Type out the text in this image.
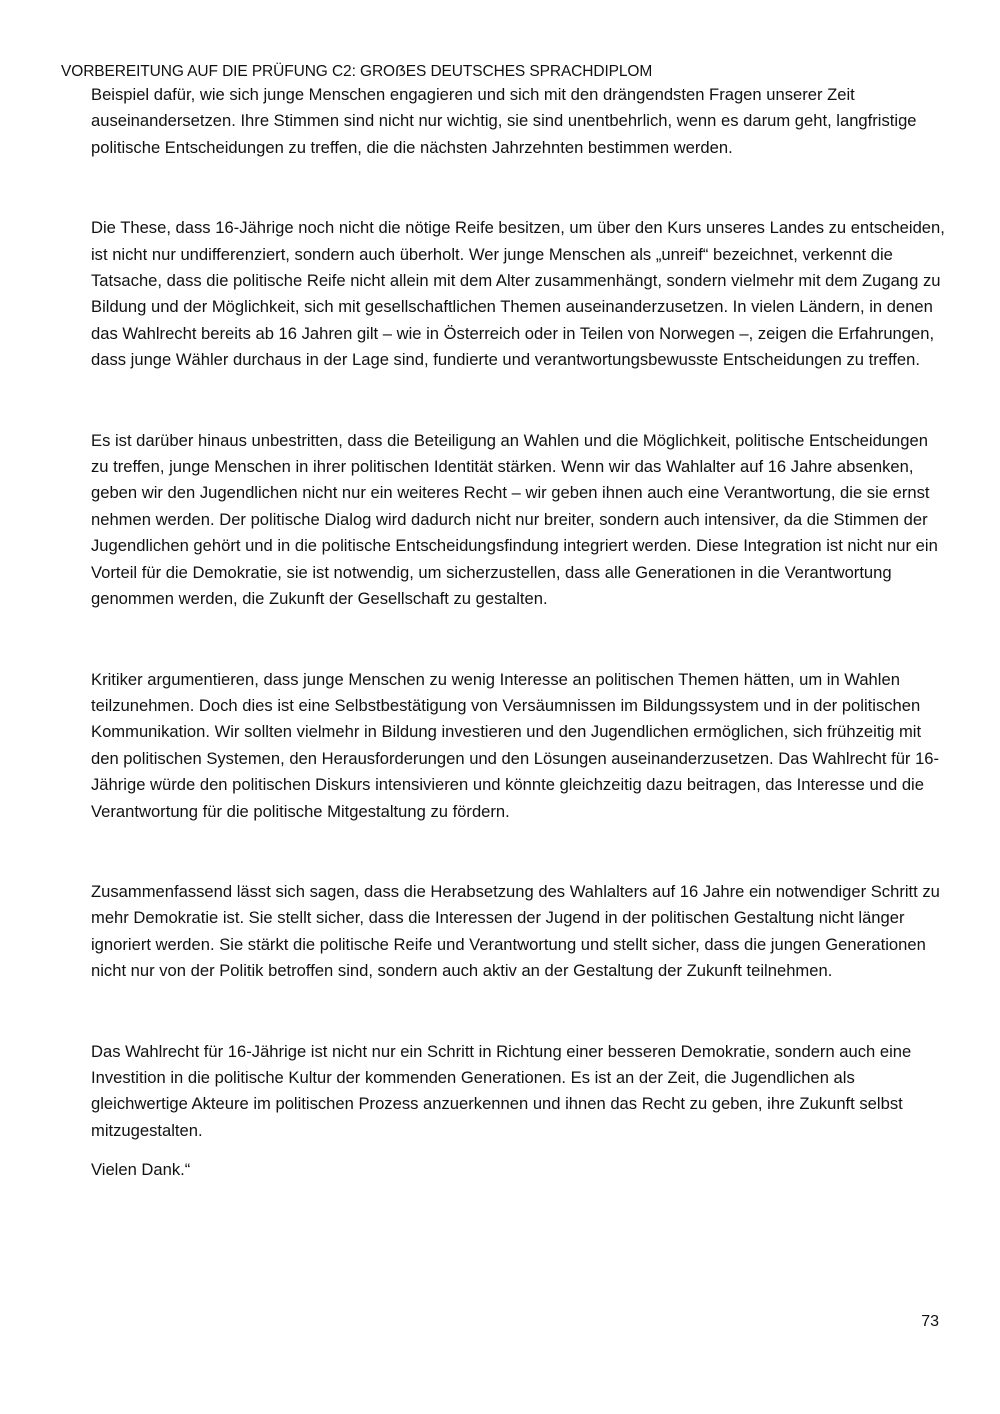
VORBEREITUNG AUF DIE PRÜFUNG C2: GROẞES DEUTSCHES SPRACHDIPLOM

Beispiel dafür, wie sich junge Menschen engagieren und sich mit den drängendsten Fragen unserer Zeit auseinandersetzen. Ihre Stimmen sind nicht nur wichtig, sie sind unentbehrlich, wenn es darum geht, langfristige politische Entscheidungen zu treffen, die die nächsten Jahrzehnten bestimmen werden.

Die These, dass 16-Jährige noch nicht die nötige Reife besitzen, um über den Kurs unseres Landes zu entscheiden, ist nicht nur undifferenziert, sondern auch überholt. Wer junge Menschen als „unreif“ bezeichnet, verkennt die Tatsache, dass die politische Reife nicht allein mit dem Alter zusammenhängt, sondern vielmehr mit dem Zugang zu Bildung und der Möglichkeit, sich mit gesellschaftlichen Themen auseinanderzusetzen. In vielen Ländern, in denen das Wahlrecht bereits ab 16 Jahren gilt – wie in Österreich oder in Teilen von Norwegen –, zeigen die Erfahrungen, dass junge Wähler durchaus in der Lage sind, fundierte und verantwortungsbewusste Entscheidungen zu treffen.

Es ist darüber hinaus unbestritten, dass die Beteiligung an Wahlen und die Möglichkeit, politische Entscheidungen zu treffen, junge Menschen in ihrer politischen Identität stärken. Wenn wir das Wahlalter auf 16 Jahre absenken, geben wir den Jugendlichen nicht nur ein weiteres Recht – wir geben ihnen auch eine Verantwortung, die sie ernst nehmen werden. Der politische Dialog wird dadurch nicht nur breiter, sondern auch intensiver, da die Stimmen der Jugendlichen gehört und in die politische Entscheidungsfindung integriert werden. Diese Integration ist nicht nur ein Vorteil für die Demokratie, sie ist notwendig, um sicherzustellen, dass alle Generationen in die Verantwortung genommen werden, die Zukunft der Gesellschaft zu gestalten.

Kritiker argumentieren, dass junge Menschen zu wenig Interesse an politischen Themen hätten, um in Wahlen teilzunehmen. Doch dies ist eine Selbstbestätigung von Versäumnissen im Bildungssystem und in der politischen Kommunikation. Wir sollten vielmehr in Bildung investieren und den Jugendlichen ermöglichen, sich frühzeitig mit den politischen Systemen, den Herausforderungen und den Lösungen auseinanderzusetzen. Das Wahlrecht für 16-Jährige würde den politischen Diskurs intensivieren und könnte gleichzeitig dazu beitragen, das Interesse und die Verantwortung für die politische Mitgestaltung zu fördern.

Zusammenfassend lässt sich sagen, dass die Herabsetzung des Wahlalters auf 16 Jahre ein notwendiger Schritt zu mehr Demokratie ist. Sie stellt sicher, dass die Interessen der Jugend in der politischen Gestaltung nicht länger ignoriert werden. Sie stärkt die politische Reife und Verantwortung und stellt sicher, dass die jungen Generationen nicht nur von der Politik betroffen sind, sondern auch aktiv an der Gestaltung der Zukunft teilnehmen.

Das Wahlrecht für 16-Jährige ist nicht nur ein Schritt in Richtung einer besseren Demokratie, sondern auch eine Investition in die politische Kultur der kommenden Generationen. Es ist an der Zeit, die Jugendlichen als gleichwertige Akteure im politischen Prozess anzuerkennen und ihnen das Recht zu geben, ihre Zukunft selbst mitzugestalten.

Vielen Dank.“

73
